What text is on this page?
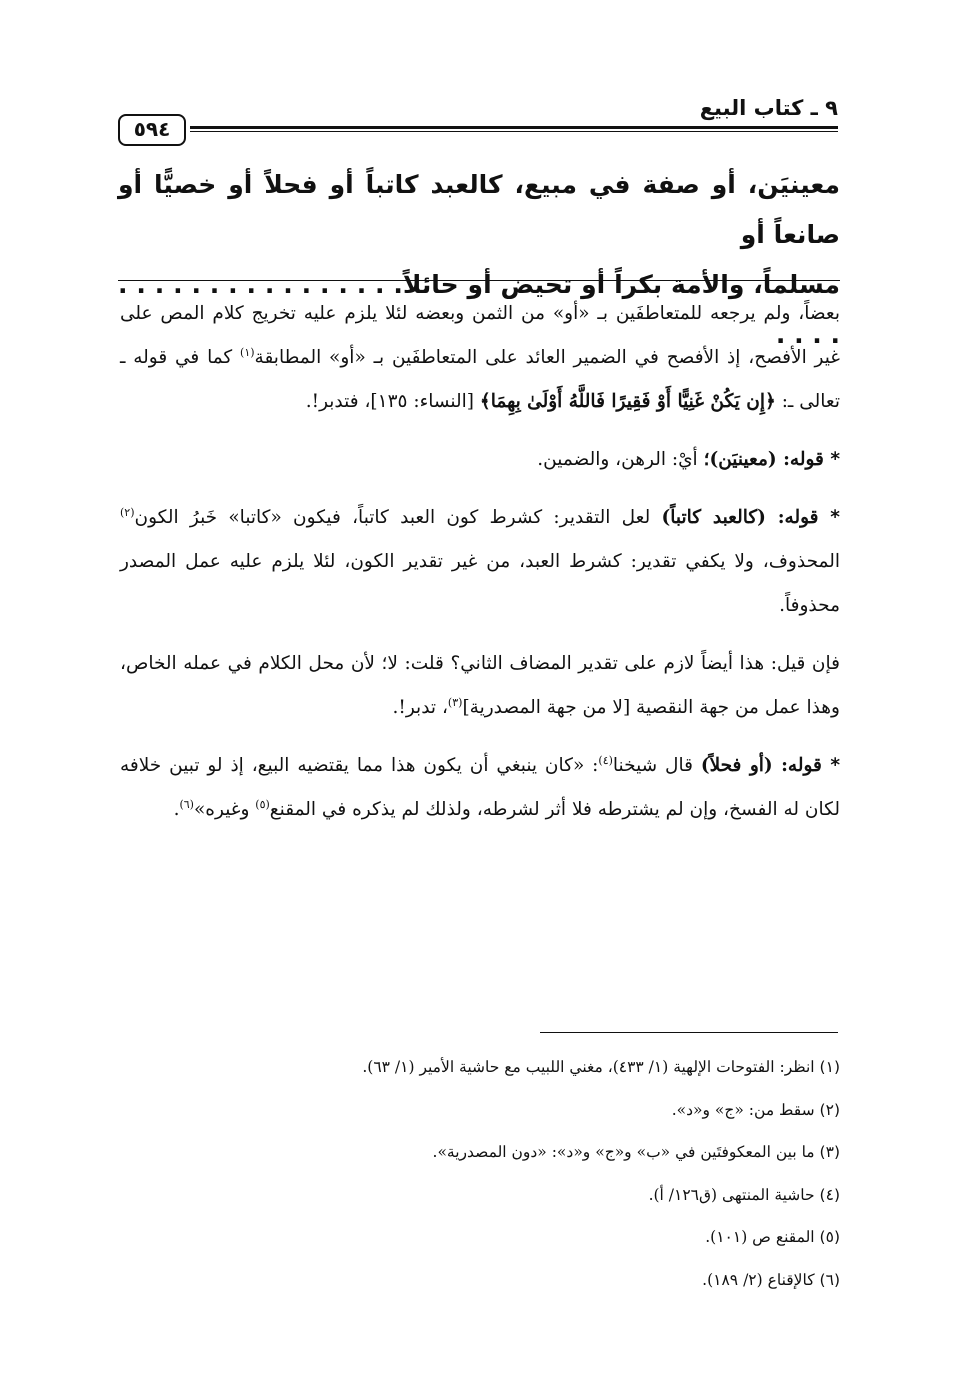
٥٩٤
٩ ـ كتاب البيع
معينيَن، أو صفة في مبيع، كالعبد كاتباً أو فحلاً أو خصيًّا أو صانعاً أو
مسلماً، والأمة بكراً أو تحيض أو حائلاً. . . . . . . . . . . . . . . . . . . .

بعضاً، ولم يرجعه للمتعاطفَين بـ «أو» من الثمن وبعضه لئلا يلزم عليه تخريج كلام المص على غير الأفصح، إذ الأفصح في الضمير العائد على المتعاطفَين بـ «أو» المطابقة$^{(١)}$ كما في قوله ـ تعالى ـ: ﴿إِن يَكُنْ غَنِيًّا أَوْ فَقِيرًا فَاللَّهُ أَوْلَىٰ بِهِمَا﴾ [النساء: ١٣٥]، فتدبر!.

* قوله: (معينيَن)؛ أيْ: الرهن، والضمين.

* قوله: (كالعبد كاتباً) لعل التقدير: كشرط كون العبد كاتباً، فيكون «كاتبا» خَبرُ الكون$^{(٢)}$ المحذوف، ولا يكفي تقدير: كشرط العبد، من غير تقدير الكون، لئلا يلزم عليه عمل المصدر محذوفاً.

فإن قيل: هذا أيضاً لازم على تقدير المضاف الثاني؟ قلت: لا؛ لأن محل الكلام في عمله الخاص، وهذا عمل من جهة النقصية [لا من جهة المصدرية]$^{(٣)}$، تدبر!.

* قوله: (أو فحلاً) قال شيخنا$^{(٤)}$: «كان ينبغي أن يكون هذا مما يقتضيه البيع، إذ لو تبين خلافه لكان له الفسخ، وإن لم يشترطه فلا أثر لشرطه، ولذلك لم يذكره في المقنع$^{(٥)}$ وغيره»$^{(٦)}$.

(١) انظر: الفتوحات الإلهية (١/ ٤٣٣)، مغني اللبيب مع حاشية الأمير (١/ ٦٣).
(٢) سقط من: «ج» و«د».
(٣) ما بين المعكوفتَين في «ب» و«ج» و«د»: «دون المصدرية».
(٤) حاشية المنتهى (ق١٢٦/ أ).
(٥) المقنع ص (١٠١).
(٦) كالإقناع (٢/ ١٨٩).
